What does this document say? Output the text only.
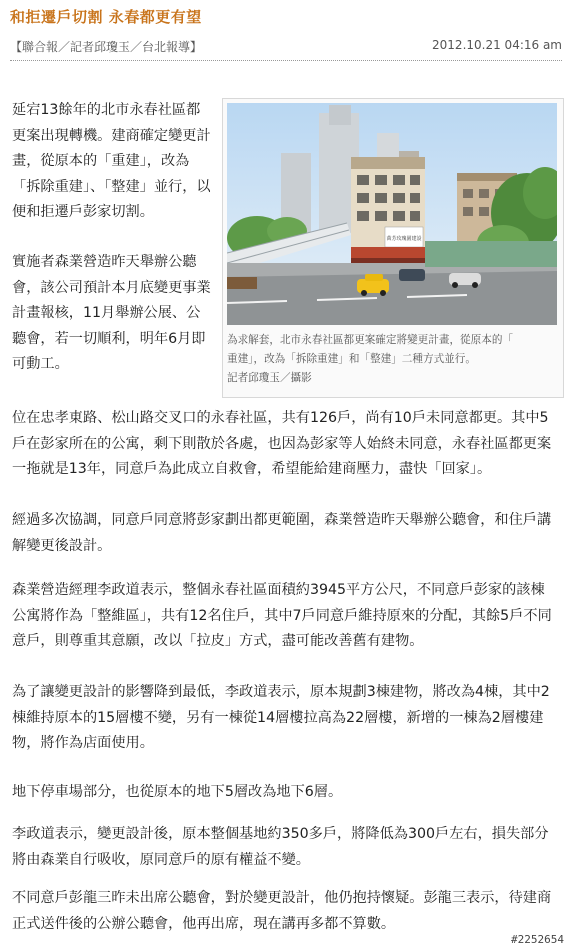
和拒遷戶切割 永春都更有望
【聯合報／記者邱瓊玉／台北報導】	2012.10.21 04:16 am

延宕13餘年的北市永春社區都更案出現轉機。建商確定變更計畫，從原本的「重建」，改為「拆除重建」、「整建」並行，以便和拒遷戶彭家切割。

實施者森業營造昨天舉辦公聽會，該公司預計本月底變更事業計畫報核，11月舉辦公展、公聽會，若一切順利，明年6月即可動工。

萬芳玫瑰園建設
為求解套，北市永春社區都更案確定將變更計畫，從原本的「
重建」，改為「拆除重建」和「整建」二種方式並行。
記者邱瓊玉／攝影

位在忠孝東路、松山路交叉口的永春社區，共有126戶，尚有10戶未同意都更。其中5戶在彭家所在的公寓，剩下則散於各處，也因為彭家等人始終未同意，永春社區都更案一拖就是13年，同意戶為此成立自救會，希望能給建商壓力，盡快「回家」。

經過多次協調，同意戶同意將彭家劃出都更範圍，森業營造昨天舉辦公聽會，和住戶講解變更後設計。

森業營造經理李政道表示，整個永春社區面積約3945平方公尺，不同意戶彭家的該棟公寓將作為「整維區」，共有12名住戶，其中7戶同意戶維持原來的分配，其餘5戶不同意戶，則尊重其意願，改以「拉皮」方式，盡可能改善舊有建物。

為了讓變更設計的影響降到最低，李政道表示，原本規劃3棟建物，將改為4棟，其中2棟維持原本的15層樓不變，另有一棟從14層樓拉高為22層樓，新增的一棟為2層樓建物，將作為店面使用。

地下停車場部分，也從原本的地下5層改為地下6層。

李政道表示，變更設計後，原本整個基地約350多戶，將降低為300戶左右，損失部分將由森業自行吸收，原同意戶的原有權益不變。

不同意戶彭龍三昨未出席公聽會，對於變更設計，他仍抱持懷疑。彭龍三表示，待建商正式送件後的公辦公聽會，他再出席，現在講再多都不算數。

#2252654
